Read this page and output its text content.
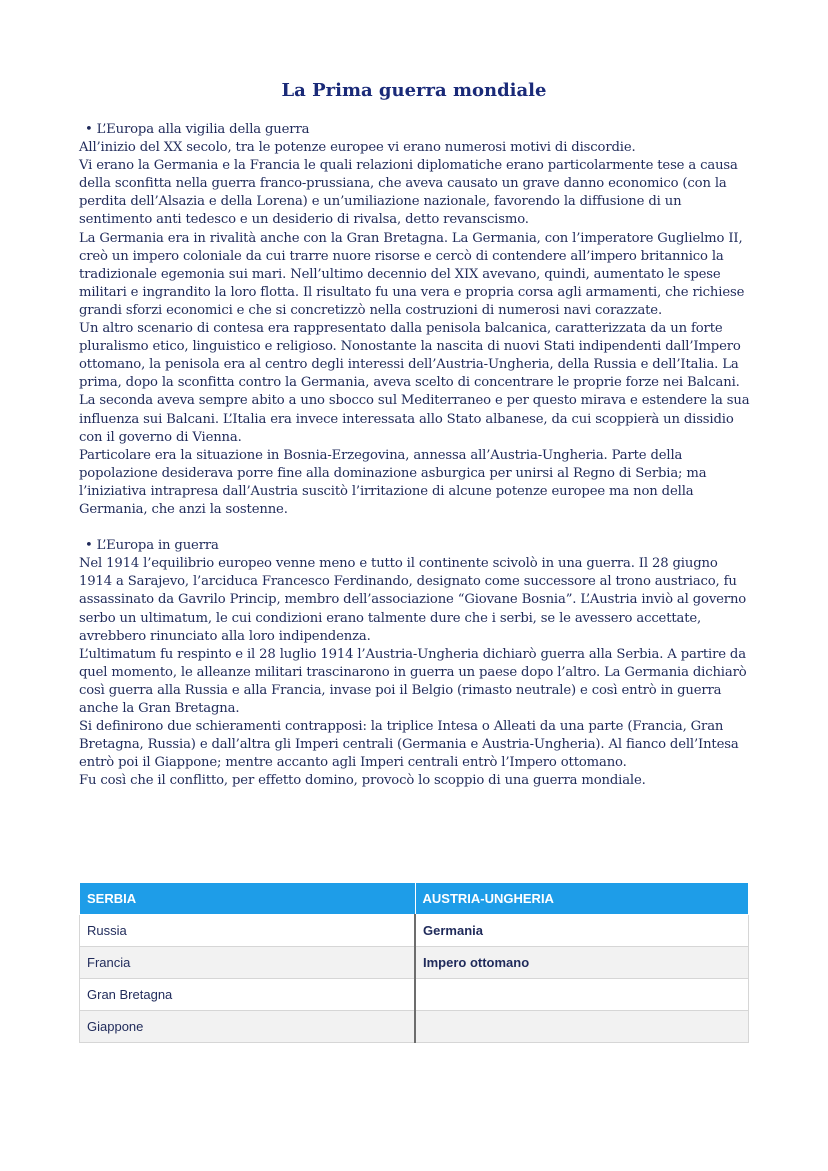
La Prima guerra mondiale

• L’Europa alla vigilia della guerra

All’inizio del XX secolo, tra le potenze europee vi erano numerosi motivi di discordie.

Vi erano la Germania e la Francia le quali relazioni diplomatiche erano particolarmente tese a causa della sconfitta nella guerra franco-prussiana, che aveva causato un grave danno economico (con la perdita dell’Alsazia e della Lorena) e un’umiliazione nazionale, favorendo la diffusione di un sentimento anti tedesco e un desiderio di rivalsa, detto revanscismo.

La Germania era in rivalità anche con la Gran Bretagna. La Germania, con l’imperatore Guglielmo II, creò un impero coloniale da cui trarre nuore risorse e cercò di contendere all’impero britannico la tradizionale egemonia sui mari. Nell’ultimo decennio del XIX avevano, quindi, aumentato le spese militari e ingrandito la loro flotta. Il risultato fu una vera e propria corsa agli armamenti, che richiese grandi sforzi economici e che si concretizzò nella costruzioni di numerosi navi corazzate.

Un altro scenario di contesa era rappresentato dalla penisola balcanica, caratterizzata da un forte pluralismo etico, linguistico e religioso. Nonostante la nascita di nuovi Stati indipendenti dall’Impero ottomano, la penisola era al centro degli interessi dell’Austria-Ungheria, della Russia e dell’Italia. La prima, dopo la sconfitta contro la Germania, aveva scelto di concentrare le proprie forze nei Balcani. La seconda aveva sempre abito a uno sbocco sul Mediterraneo e per questo mirava e estendere la sua influenza sui Balcani. L’Italia era invece interessata allo Stato albanese, da cui scoppierà un dissidio con il governo di Vienna.

Particolare era la situazione in Bosnia-Erzegovina, annessa all’Austria-Ungheria. Parte della popolazione desiderava porre fine alla dominazione asburgica per unirsi al Regno di Serbia; ma l’iniziativa intrapresa dall’Austria suscitò l’irritazione di alcune potenze europee ma non della Germania, che anzi la sostenne.

• L’Europa in guerra

Nel 1914 l’equilibrio europeo venne meno e tutto il continente scivolò in una guerra. Il 28 giugno 1914 a Sarajevo, l’arciduca Francesco Ferdinando, designato come successore al trono austriaco, fu assassinato da Gavrilo Princip, membro dell’associazione “Giovane Bosnia”. L’Austria inviò al governo serbo un ultimatum, le cui condizioni erano talmente dure che i serbi, se le avessero accettate, avrebbero rinunciato alla loro indipendenza.

L’ultimatum fu respinto e il 28 luglio 1914 l’Austria-Ungheria dichiarò guerra alla Serbia. A partire da quel momento, le alleanze militari trascinarono in guerra un paese dopo l’altro. La Germania dichiarò così guerra alla Russia e alla Francia, invase poi il Belgio (rimasto neutrale) e così entrò in guerra anche la Gran Bretagna.

Si definirono due schieramenti contrapposi: la triplice Intesa o Alleati da una parte (Francia, Gran Bretagna, Russia) e dall’altra gli Imperi centrali (Germania e Austria-Ungheria). Al fianco dell’Intesa entrò poi il Giappone; mentre accanto agli Imperi centrali entrò l’Impero ottomano.

Fu così che il conflitto, per effetto domino, provocò lo scoppio di una guerra mondiale.

SERBIA	AUSTRIA-UNGHERIA
Russia	Germania
Francia	Impero ottomano
Gran Bretagna	
Giappone	
